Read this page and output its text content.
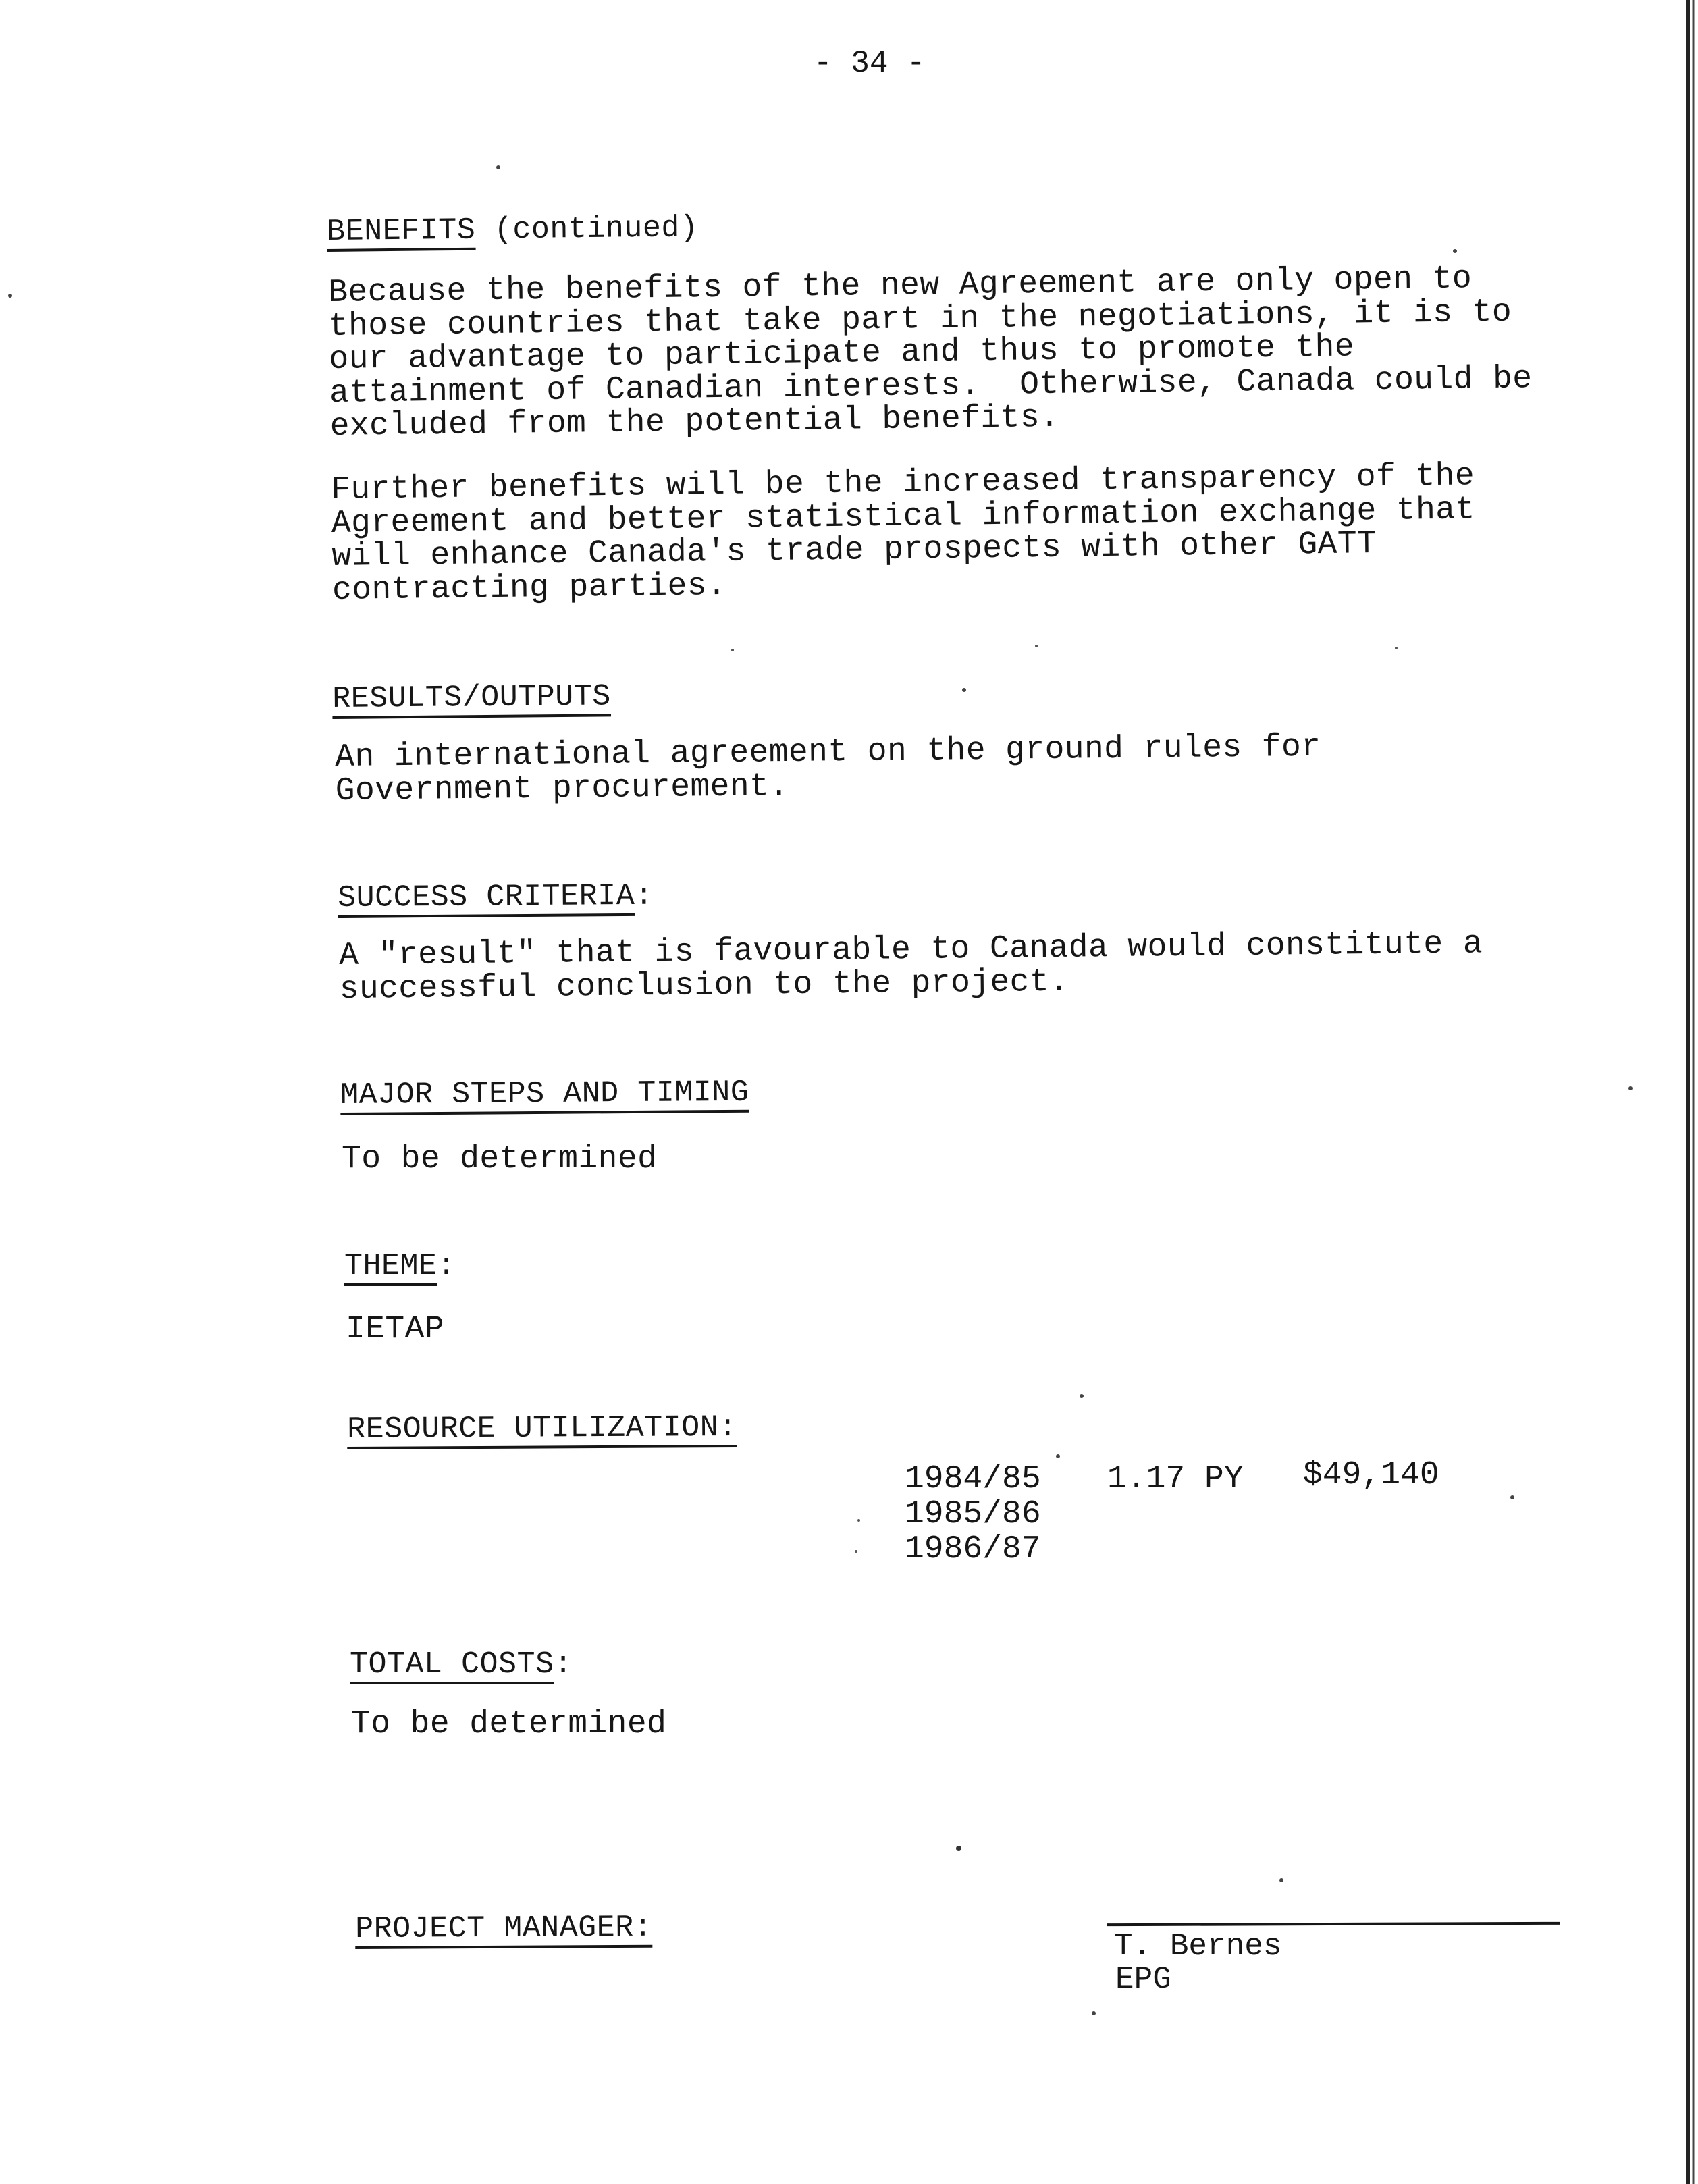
- 34 -
BENEFITS (continued)
Because the benefits of the new Agreement are only open to
those countries that take part in the negotiations, it is to
our advantage to participate and thus to promote the
attainment of Canadian interests.  Otherwise, Canada could be
excluded from the potential benefits.
Further benefits will be the increased transparency of the
Agreement and better statistical information exchange that
will enhance Canada's trade prospects with other GATT
contracting parties.
RESULTS/OUTPUTS
An international agreement on the ground rules for
Government procurement.
SUCCESS CRITERIA:
A "result" that is favourable to Canada would constitute a
successful conclusion to the project.
MAJOR STEPS AND TIMING
To be determined
THEME:
IETAP
RESOURCE UTILIZATION:
1984/85 1.17 PY $49,140
1985/86
1986/87
TOTAL COSTS:
To be determined
PROJECT MANAGER:
T. Bernes
EPG
